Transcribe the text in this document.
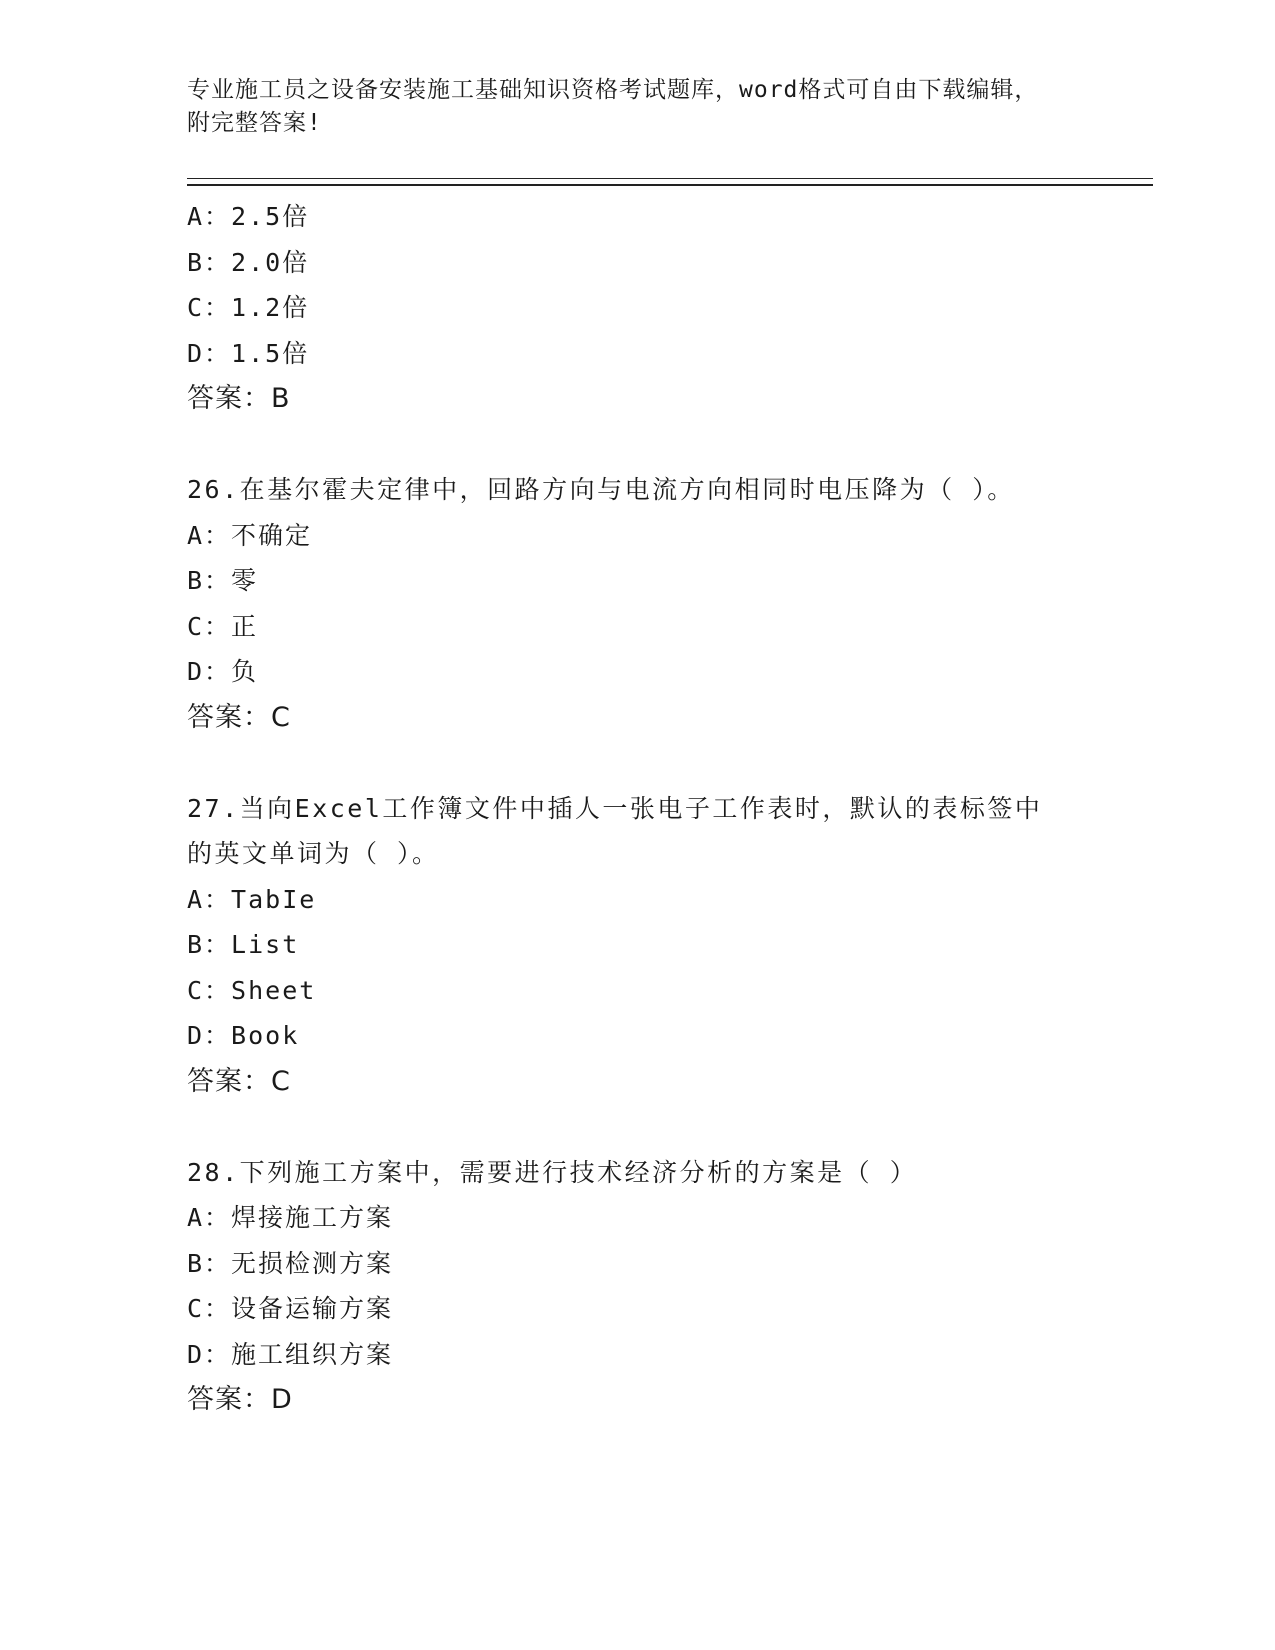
专业施工员之设备安装施工基础知识资格考试题库，word格式可自由下载编辑，
附完整答案!
A：2.5倍
B：2.0倍
C：1.2倍
D：1.5倍
答案：B
26.在基尔霍夫定律中，回路方向与电流方向相同时电压降为（ ）。
A：不确定
B：零
C：正
D：负
答案：C
27.当向Excel工作簿文件中插人一张电子工作表时，默认的表标签中
的英文单词为（ ）。
A：TabIe
B：List
C：Sheet
D：Book
答案：C
28.下列施工方案中，需要进行技术经济分析的方案是（ ）
A：焊接施工方案
B：无损检测方案
C：设备运输方案
D：施工组织方案
答案：D
